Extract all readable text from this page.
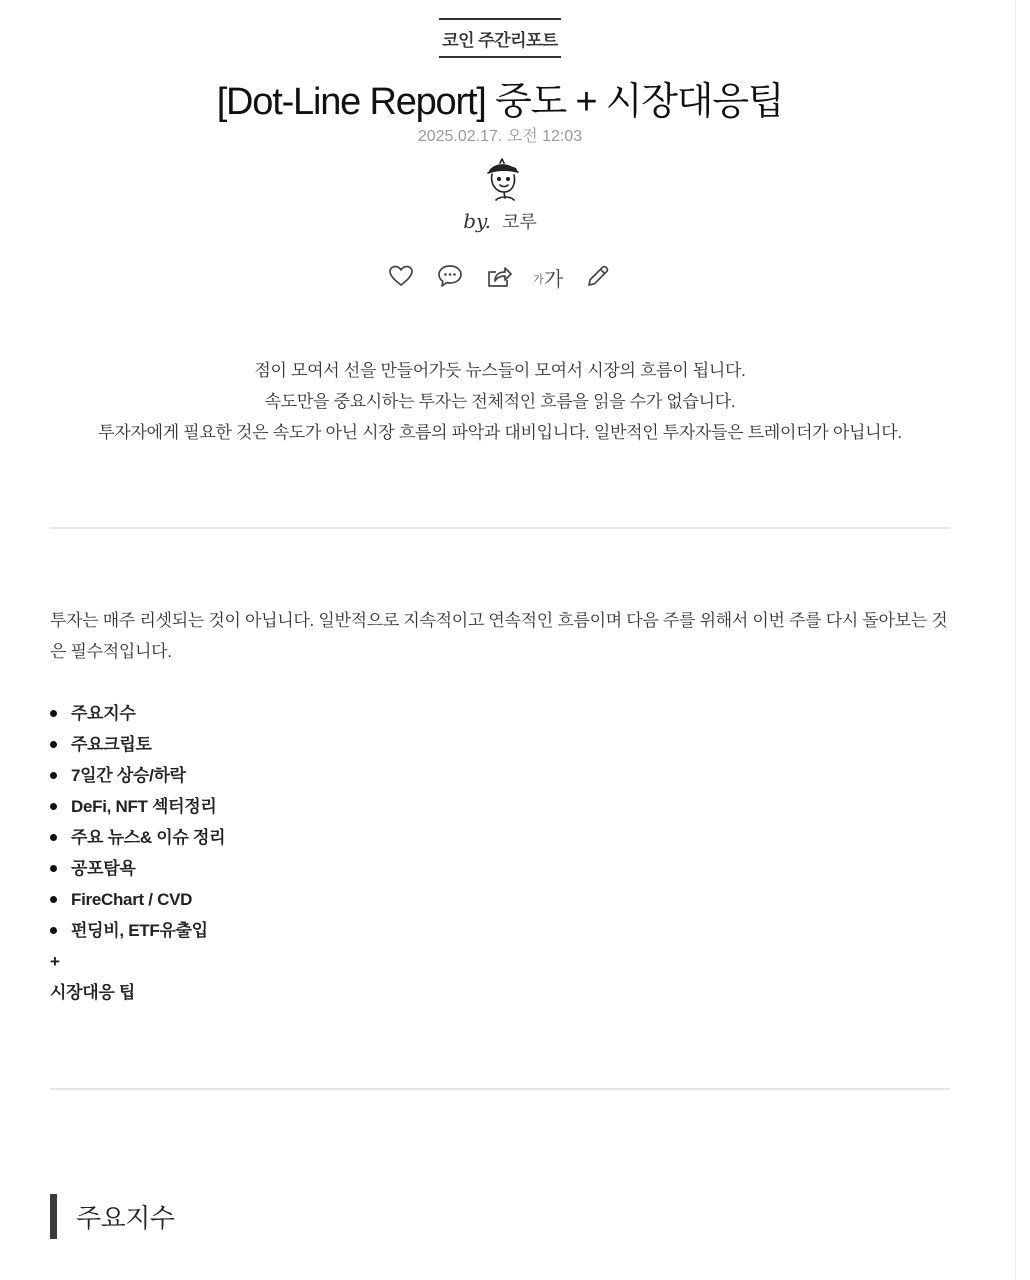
코인 주간리포트
[Dot-Line Report] 중도 + 시장대응팁
2025.02.17. 오전 12:03
by. 코루
가 가

점이 모여서 선을 만들어가듯 뉴스들이 모여서 시장의 흐름이 됩니다.

속도만을 중요시하는 투자는 전체적인 흐름을 읽을 수가 없습니다.

투자자에게 필요한 것은 속도가 아닌 시장 흐름의 파악과 대비입니다. 일반적인 투자자들은 트레이더가 아닙니다.

투자는 매주 리셋되는 것이 아닙니다. 일반적으로 지속적이고 연속적인 흐름이며 다음 주를 위해서 이번 주를 다시 돌아보는 것은 필수적입니다.

주요지수
주요크립토
7일간 상승/하락
DeFi, NFT 섹터정리
주요 뉴스& 이슈 정리
공포탐욕
FireChart / CVD
펀딩비, ETF유출입
+
시장대응 팁
주요지수
